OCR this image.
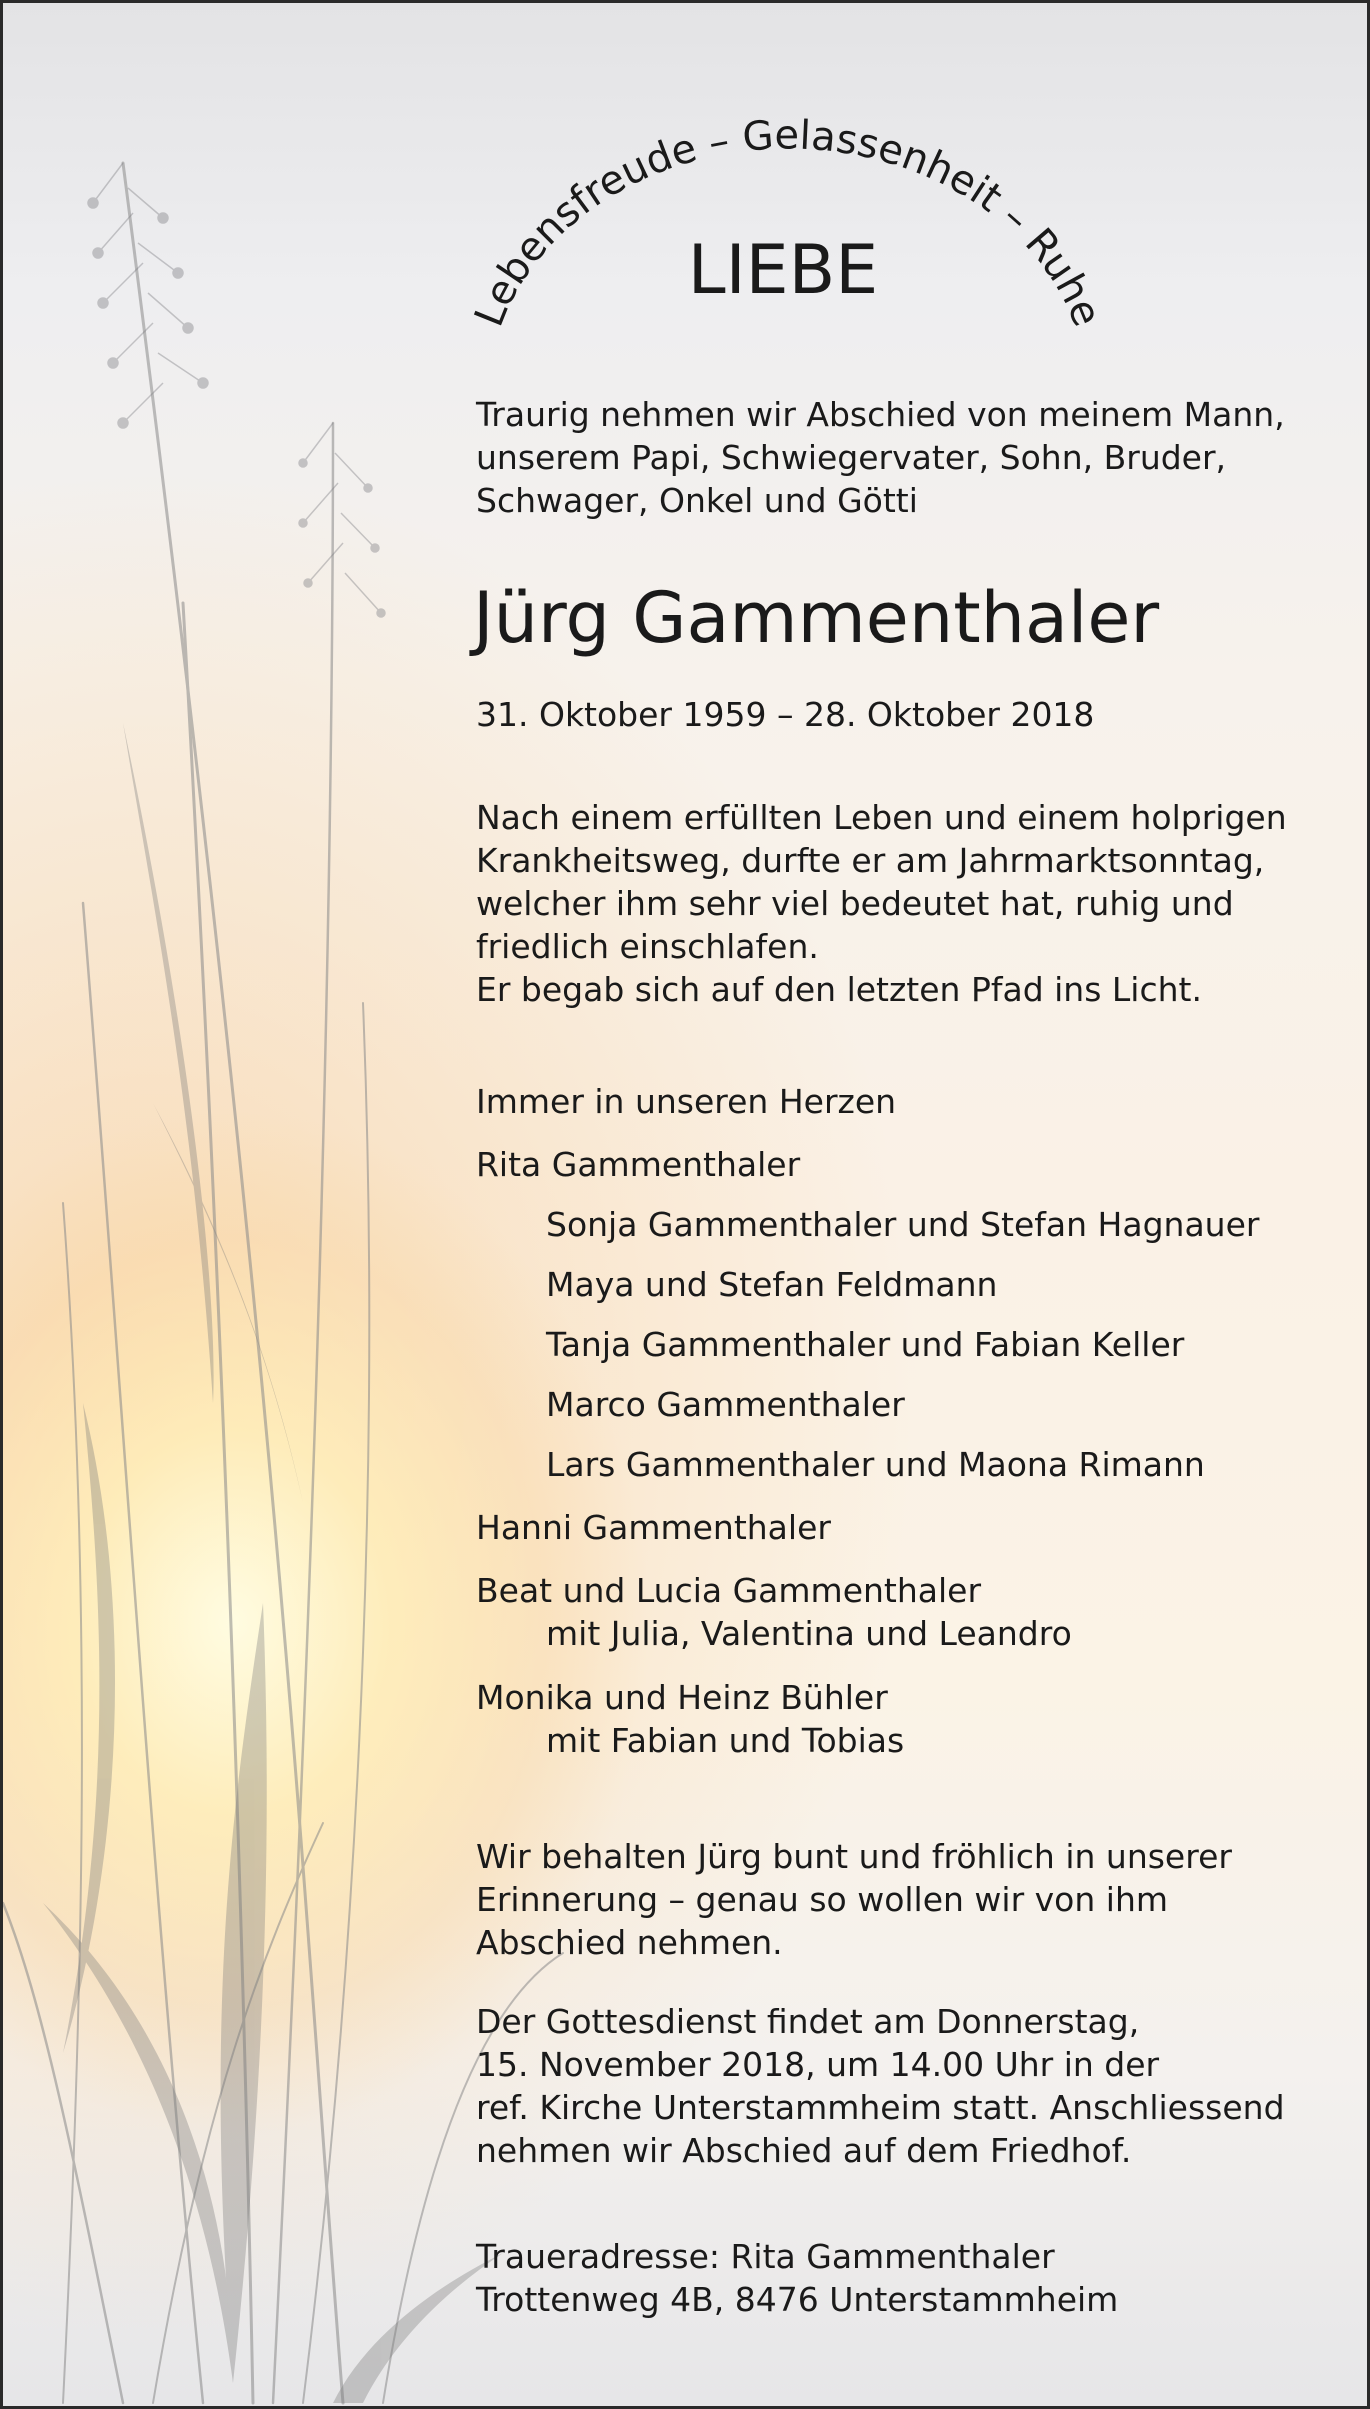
Lebensfreude – Gelassenheit – Ruhe
LIEBE
Traurig nehmen wir Abschied von meinem Mann,
unserem Papi, Schwiegervater, Sohn, Bruder,
Schwager, Onkel und Götti
Jürg Gammenthaler
31. Oktober 1959 – 28. Oktober 2018
Nach einem erfüllten Leben und einem holprigen
Krankheitsweg, durfte er am Jahrmarktsonntag,
welcher ihm sehr viel bedeutet hat, ruhig und
friedlich einschlafen.
Er begab sich auf den letzten Pfad ins Licht.
Immer in unseren Herzen
Rita Gammenthaler
Sonja Gammenthaler und Stefan Hagnauer
Maya und Stefan Feldmann
Tanja Gammenthaler und Fabian Keller
Marco Gammenthaler
Lars Gammenthaler und Maona Rimann
Hanni Gammenthaler
Beat und Lucia Gammenthaler
mit Julia, Valentina und Leandro
Monika und Heinz Bühler
mit Fabian und Tobias
Wir behalten Jürg bunt und fröhlich in unserer
Erinnerung – genau so wollen wir von ihm
Abschied nehmen.
Der Gottesdienst findet am Donnerstag,
15. November 2018, um 14.00 Uhr in der
ref. Kirche Unterstammheim statt. Anschliessend
nehmen wir Abschied auf dem Friedhof.
Traueradresse: Rita Gammenthaler
Trottenweg 4B, 8476 Unterstammheim
